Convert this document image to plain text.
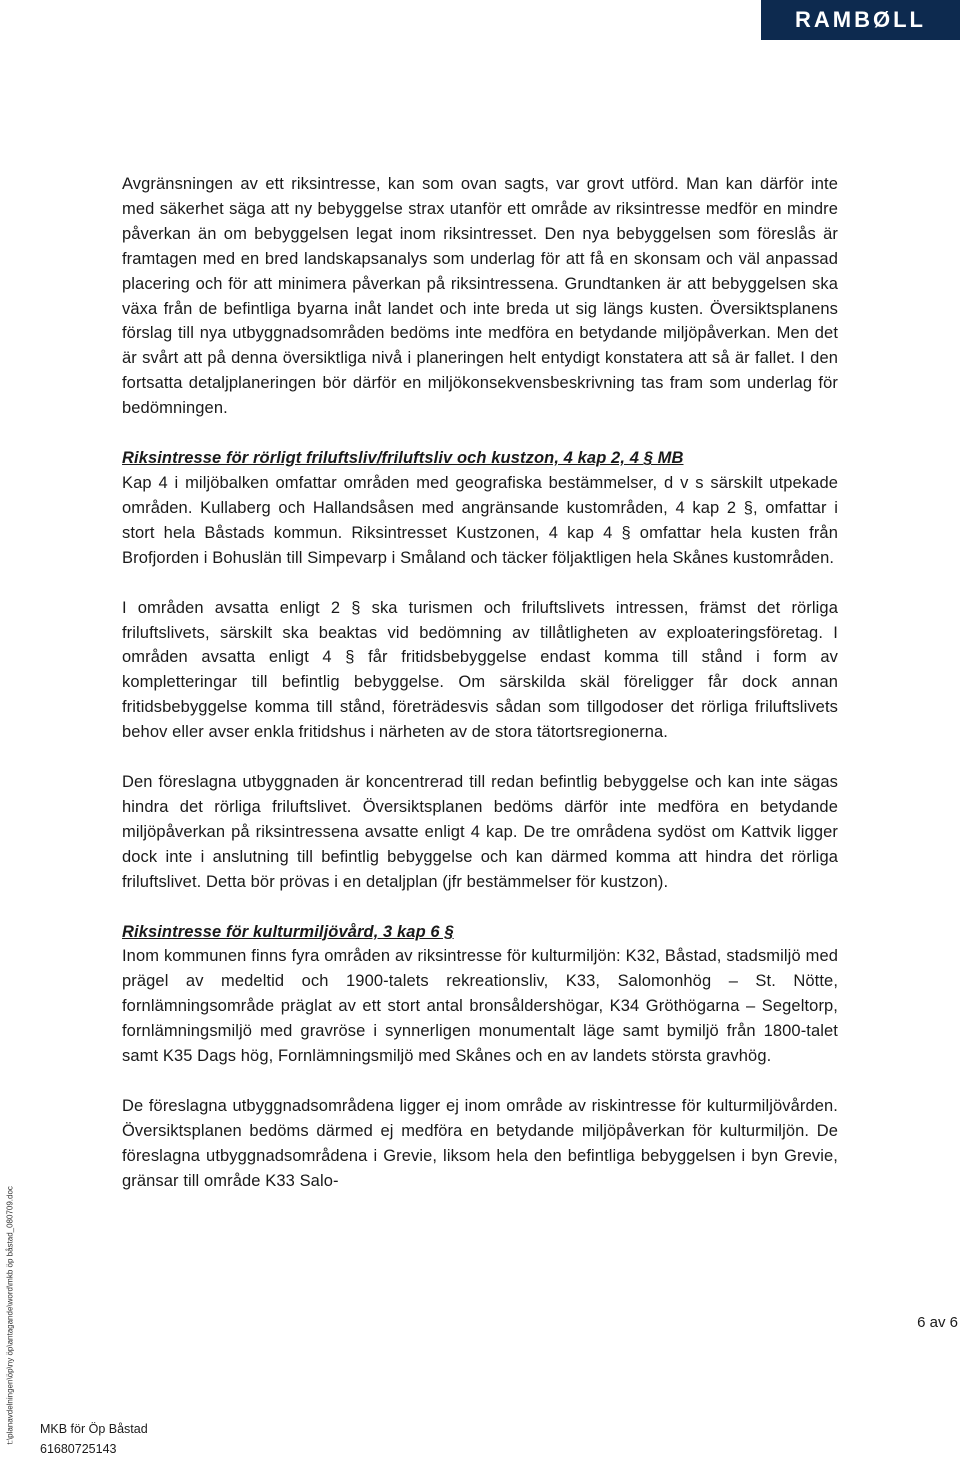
RAMBØLL

Avgränsningen av ett riksintresse, kan som ovan sagts, var grovt utförd. Man kan därför inte med säkerhet säga att ny bebyggelse strax utanför ett område av riksintresse medför en mindre påverkan än om bebyggelsen legat inom riksintresset. Den nya bebyggelsen som föreslås är framtagen med en bred landskapsanalys som underlag för att få en skonsam och väl anpassad placering och för att minimera påverkan på riksintressena. Grundtanken är att bebyggelsen ska växa från de befintliga byarna inåt landet och inte breda ut sig längs kusten. Översiktsplanens förslag till nya utbyggnadsområden bedöms inte medföra en betydande miljöpåverkan. Men det är svårt att på denna översiktliga nivå i planeringen helt entydigt konstatera att så är fallet. I den fortsatta detaljplaneringen bör därför en miljökonsekvensbeskrivning tas fram som underlag för bedömningen.

Riksintresse för rörligt friluftsliv/friluftsliv och kustzon, 4 kap 2, 4 § MB

Kap 4 i miljöbalken omfattar områden med geografiska bestämmelser, d v s särskilt utpekade områden. Kullaberg och Hallandsåsen med angränsande kustområden, 4 kap 2 §, omfattar i stort hela Båstads kommun. Riksintresset Kustzonen, 4 kap 4 § omfattar hela kusten från Brofjorden i Bohuslän till Simpevarp i Småland och täcker följaktligen hela Skånes kustområden.

I områden avsatta enligt 2 § ska turismen och friluftslivets intressen, främst det rörliga friluftslivets, särskilt ska beaktas vid bedömning av tillåtligheten av exploateringsföretag. I områden avsatta enligt 4 § får fritidsbebyggelse endast komma till stånd i form av kompletteringar till befintlig bebyggelse. Om särskilda skäl föreligger får dock annan fritidsbebyggelse komma till stånd, företrädesvis sådan som tillgodoser det rörliga friluftslivets behov eller avser enkla fritidshus i närheten av de stora tätortsregionerna.

Den föreslagna utbyggnaden är koncentrerad till redan befintlig bebyggelse och kan inte sägas hindra det rörliga friluftslivet. Översiktsplanen bedöms därför inte medföra en betydande miljöpåverkan på riksintressena avsatte enligt 4 kap. De tre områdena sydöst om Kattvik ligger dock inte i anslutning till befintlig bebyggelse och kan därmed komma att hindra det rörliga friluftslivet. Detta bör prövas i en detaljplan (jfr bestämmelser för kustzon).

Riksintresse för kulturmiljövård, 3 kap 6 §

Inom kommunen finns fyra områden av riksintresse för kulturmiljön: K32, Båstad, stadsmiljö med prägel av medeltid och 1900-talets rekreationsliv, K33, Salomonhög – St. Nötte, fornlämningsområde präglat av ett stort antal bronsåldershögar, K34 Gröthögarna – Segeltorp, fornlämningsmiljö med gravröse i synnerligen monumentalt läge samt bymiljö från 1800-talet samt K35 Dags hög, Fornlämningsmiljö med Skånes och en av landets största gravhög.

De föreslagna utbyggnadsområdena ligger ej inom område av riskintresse för kulturmiljövården. Översiktsplanen bedöms därmed ej medföra en betydande miljöpåverkan för kulturmiljön. De föreslagna utbyggnadsområdena i Grevie, liksom hela den befintliga bebyggelsen i byn Grevie, gränsar till område K33 Salo-

t:\planavdelningen\öp\ny öp\antagande\word\mkb öp båstad_080709.doc	6 av 6
MKB för Öp Båstad
61680725143
